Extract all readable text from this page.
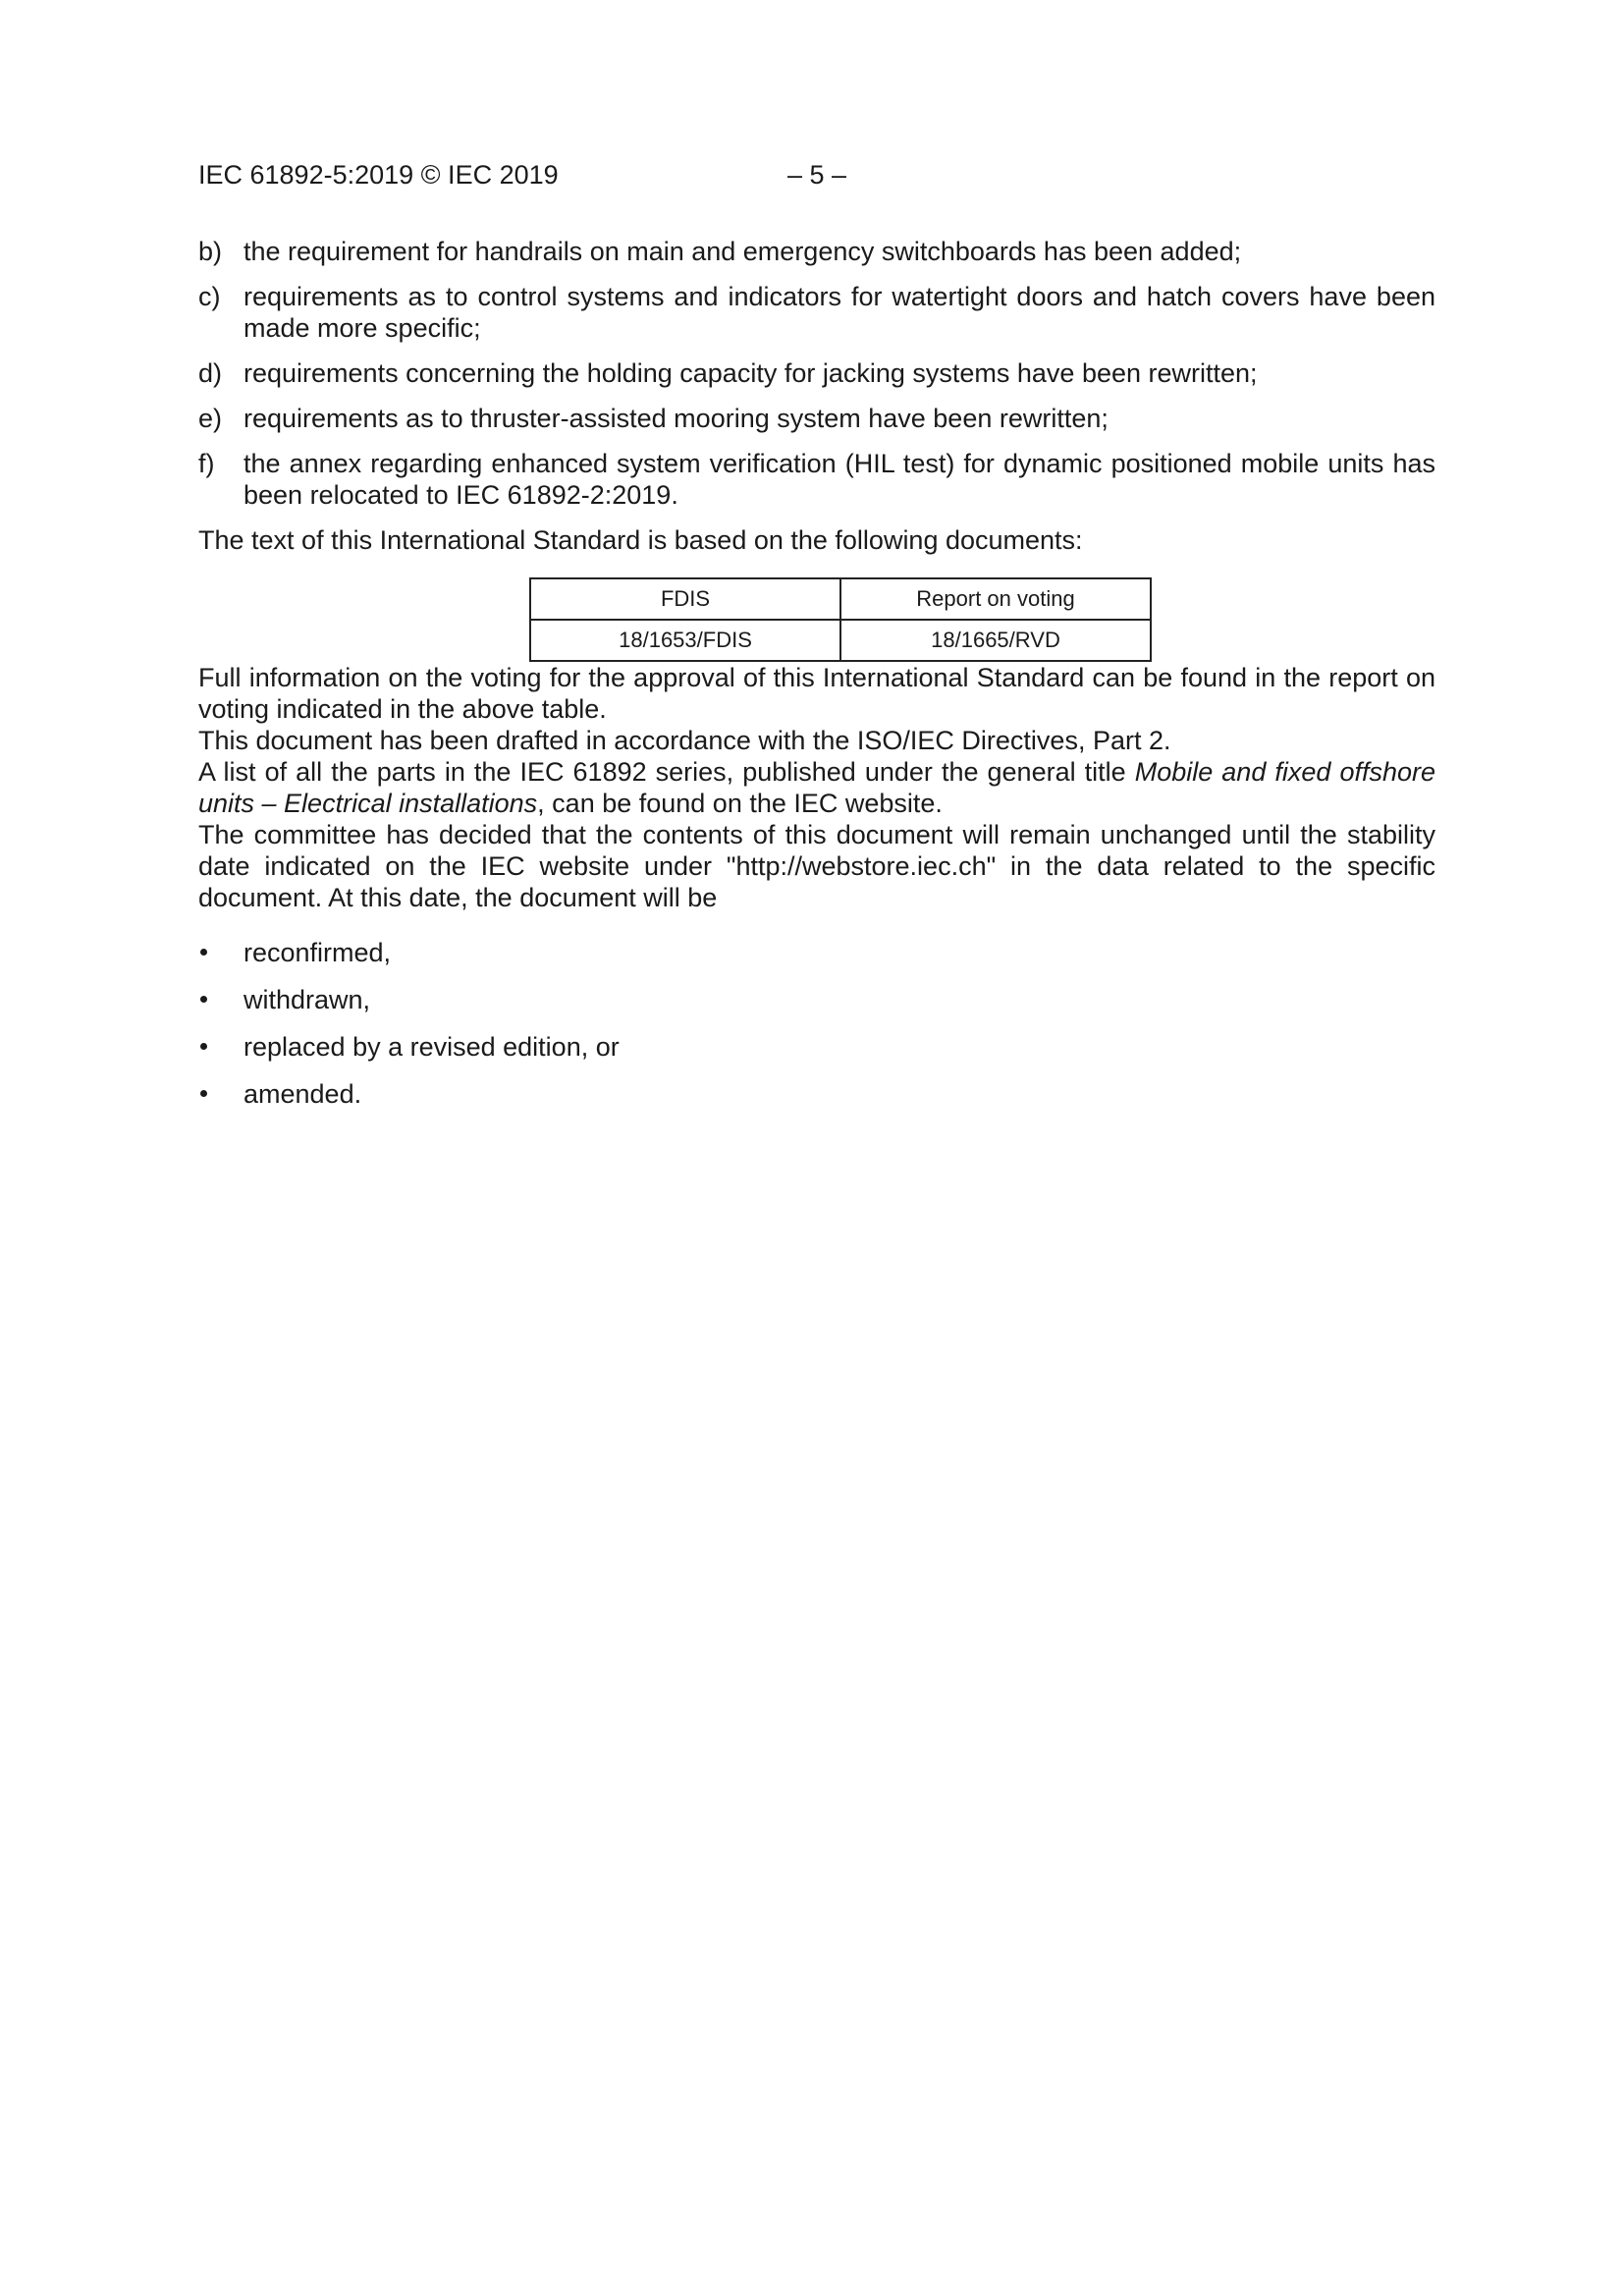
IEC 61892-5:2019 © IEC 2019	– 5 –
b) the requirement for handrails on main and emergency switchboards has been added;
c) requirements as to control systems and indicators for watertight doors and hatch covers have been made more specific;
d) requirements concerning the holding capacity for jacking systems have been rewritten;
e) requirements as to thruster-assisted mooring system have been rewritten;
f)	the annex regarding enhanced system verification (HIL test) for dynamic positioned mobile units has been relocated to IEC 61892-2:2019.

The text of this International Standard is based on the following documents:

FDIS	Report on voting
18/1653/FDIS	18/1665/RVD

Full information on the voting for the approval of this International Standard can be found in the report on voting indicated in the above table.

This document has been drafted in accordance with the ISO/IEC Directives, Part 2.

A list of all the parts in the IEC 61892 series, published under the general title Mobile and fixed offshore units – Electrical installations, can be found on the IEC website.

The committee has decided that the contents of this document will remain unchanged until the stability date indicated on the IEC website under "http://webstore.iec.ch" in the data related to the specific document. At this date, the document will be

reconfirmed,
withdrawn,
replaced by a revised edition, or
amended.
